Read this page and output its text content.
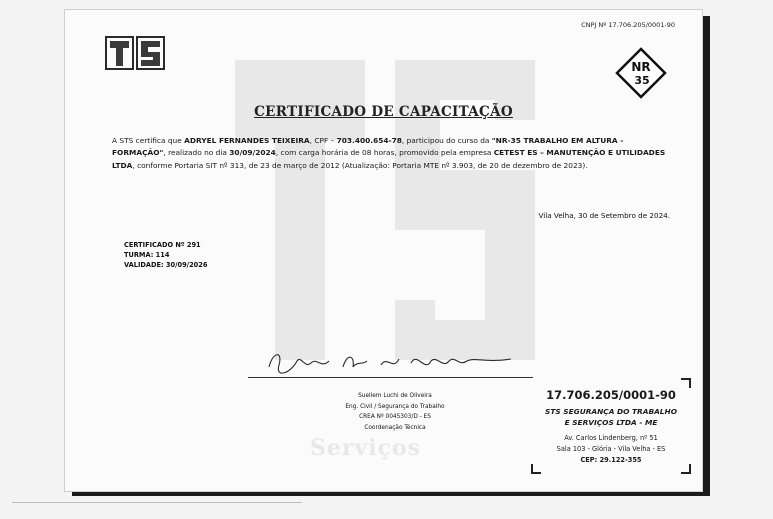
Serviços
CNPJ Nº 17.706.205/0001-90
NR
35
CERTIFICADO DE CAPACITAÇÃO
A STS certifica que ADRYEL FERNANDES TEIXEIRA, CPF – 703.400.654-78, participou do curso da "NR-35 TRABALHO EM ALTURA - FORMAÇÃO", realizado no dia 30/09/2024, com carga horária de 08 horas, promovido pela empresa CETEST ES – MANUTENÇÃO E UTILIDADES LTDA, conforme Portaria SIT nº 313, de 23 de março de 2012 (Atualização: Portaria MTE nº 3.903, de 20 de dezembro de 2023).
Vila Velha, 30 de Setembro de 2024.
CERTIFICADO Nº 291
TURMA: 114
VALIDADE: 30/09/2026
Suellem Luchi de Oliveira
Eng. Civil / Segurança do Trabalho
CREA Nº 0045303/D - ES
Coordenação Técnica
17.706.205/0001-90
STS SEGURANÇA DO TRABALHO
E SERVIÇOS LTDA - ME
Av. Carlos Lindenberg, nº 51
Sala 103 - Glória - Vila Velha - ES
CEP: 29.122-355
